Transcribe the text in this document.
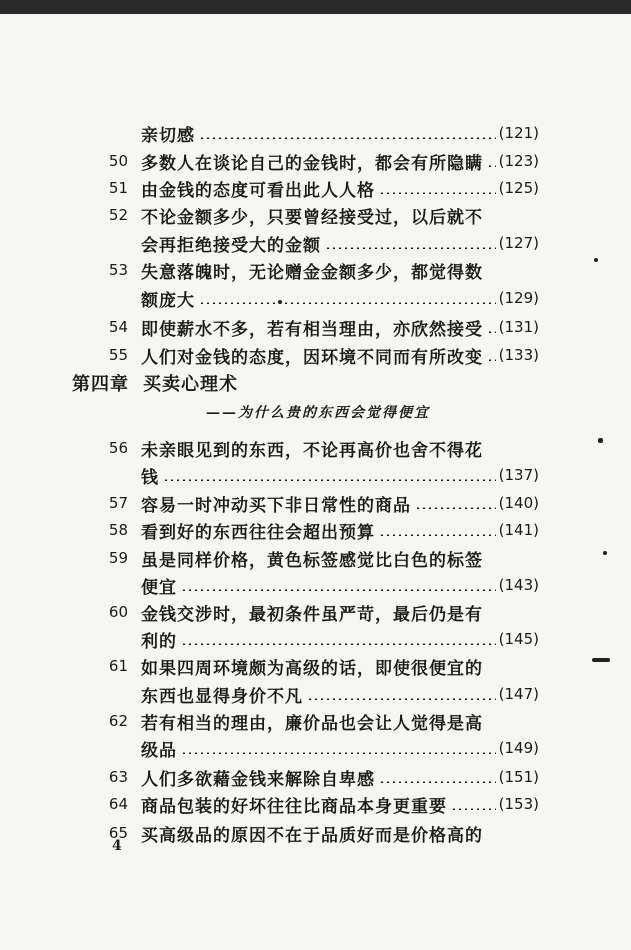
第四章 买卖心理术
——为什么贵的东西会觉得便宜
4
亲切感	(121)
50 多数人在谈论自己的金钱时，都会有所隐瞒 (123)
51 由金钱的态度可看出此人人格	(125)
52 不论金额多少，只要曾经接受过，以后就不
会再拒绝接受大的金额	(127)
53 失意落魄时，无论赠金金额多少，都觉得数
额庞大	(129)
54 即使薪水不多，若有相当理由，亦欣然接受 (131)
55 人们对金钱的态度，因环境不同而有所改变 (133)
56 未亲眼见到的东西，不论再高价也舍不得花
钱	(137)
57 容易一时冲动买下非日常性的商品	(140)
58 看到好的东西往往会超出预算	(141)
59 虽是同样价格，黄色标签感觉比白色的标签
便宜	(143)
60 金钱交涉时，最初条件虽严苛，最后仍是有
利的	(145)
61 如果四周环境颇为高级的话，即使很便宜的
东西也显得身价不凡	(147)
62 若有相当的理由，廉价品也会让人觉得是高
级品	(149)
63 人们多欲藉金钱来解除自卑感	(151)
64 商品包装的好坏往往比商品本身更重要	(153)
65 买高级品的原因不在于品质好而是价格高的
